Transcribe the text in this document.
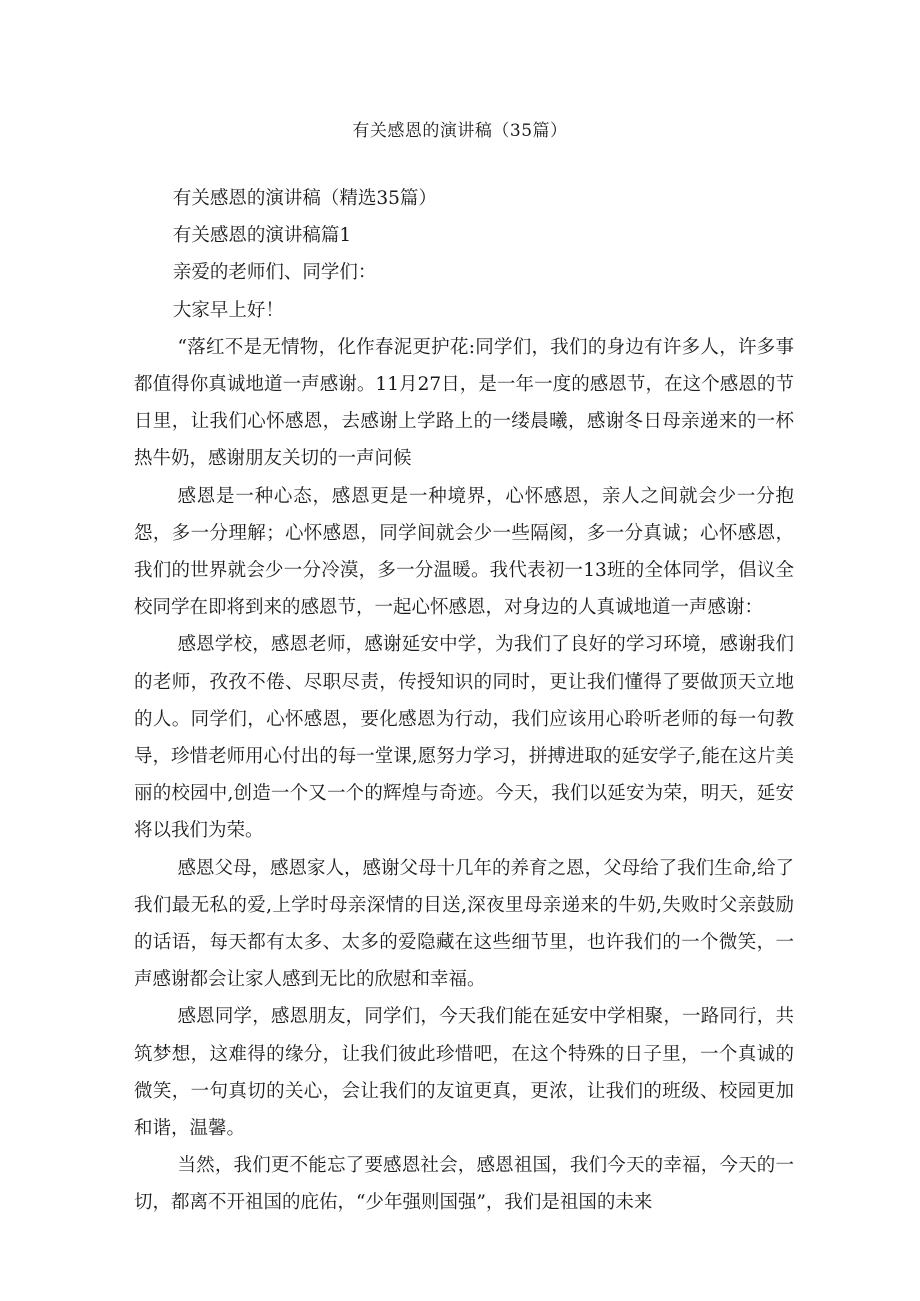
有关感恩的演讲稿（35篇）

有关感恩的演讲稿（精选35篇）

有关感恩的演讲稿篇1

亲爱的老师们、同学们：

大家早上好！

“落红不是无情物，化作春泥更护花:同学们，我们的身边有许多人，许多事都值得你真诚地道一声感谢。11月27日，是一年一度的感恩节，在这个感恩的节日里，让我们心怀感恩，去感谢上学路上的一缕晨曦，感谢冬日母亲递来的一杯热牛奶，感谢朋友关切的一声问候

感恩是一种心态，感恩更是一种境界，心怀感恩，亲人之间就会少一分抱怨，多一分理解；心怀感恩，同学间就会少一些隔阂，多一分真诚；心怀感恩，我们的世界就会少一分冷漠，多一分温暖。我代表初一13班的全体同学，倡议全校同学在即将到来的感恩节，一起心怀感恩，对身边的人真诚地道一声感谢：

感恩学校，感恩老师，感谢延安中学，为我们了良好的学习环境，感谢我们的老师，孜孜不倦、尽职尽责，传授知识的同时，更让我们懂得了要做顶天立地的人。同学们，心怀感恩，要化感恩为行动，我们应该用心聆听老师的每一句教导，珍惜老师用心付出的每一堂课,愿努力学习，拼搏进取的延安学子,能在这片美丽的校园中,创造一个又一个的辉煌与奇迹。今天，我们以延安为荣，明天，延安将以我们为荣。

感恩父母，感恩家人，感谢父母十几年的养育之恩，父母给了我们生命,给了我们最无私的爱,上学时母亲深情的目送,深夜里母亲递来的牛奶,失败时父亲鼓励的话语，每天都有太多、太多的爱隐藏在这些细节里，也许我们的一个微笑，一声感谢都会让家人感到无比的欣慰和幸福。

感恩同学，感恩朋友，同学们，今天我们能在延安中学相聚，一路同行，共筑梦想，这难得的缘分，让我们彼此珍惜吧，在这个特殊的日子里，一个真诚的微笑，一句真切的关心，会让我们的友谊更真，更浓，让我们的班级、校园更加和谐，温馨。

当然，我们更不能忘了要感恩社会，感恩祖国，我们今天的幸福，今天的一切，都离不开祖国的庇佑，“少年强则国强”，我们是祖国的未来
